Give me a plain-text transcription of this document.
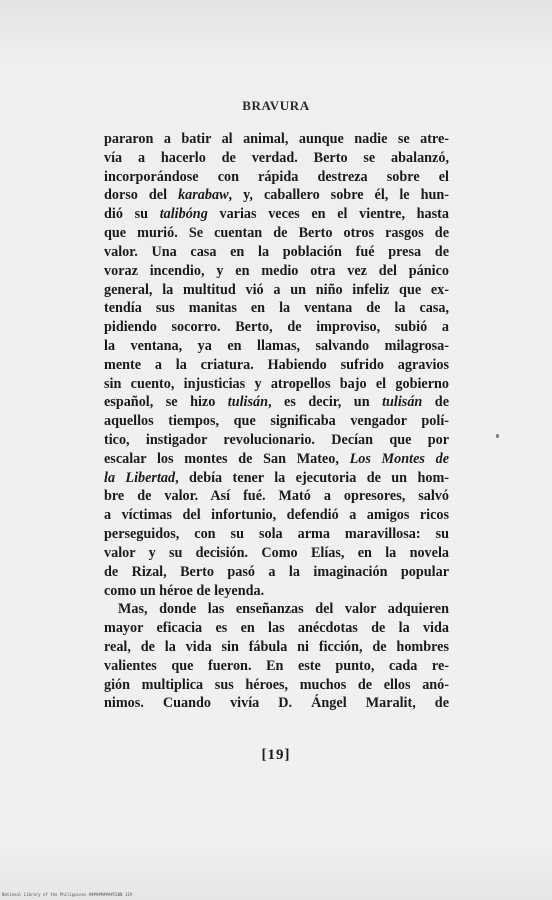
BRAVURA
pararon a batir al animal, aunque nadie se atre-
vía a hacerlo de verdad. Berto se abalanzó,
incorporándose con rápida destreza sobre el
dorso del karabaw, y, caballero sobre él, le hun-
dió su talibóng varias veces en el vientre, hasta
que murió. Se cuentan de Berto otros rasgos de
valor. Una casa en la población fué presa de
voraz incendio, y en medio otra vez del pánico
general, la multitud vió a un niño infeliz que ex-
tendía sus manitas en la ventana de la casa,
pidiendo socorro. Berto, de improviso, subió a
la ventana, ya en llamas, salvando milagrosa-
mente a la criatura. Habiendo sufrido agravios
sin cuento, injusticias y atropellos bajo el gobierno
español, se hizo tulisán, es decir, un tulisán de
aquellos tiempos, que significaba vengador polí-
tico, instigador revolucionario. Decían que por
escalar los montes de San Mateo, Los Montes de
la Libertad, debía tener la ejecutoria de un hom-
bre de valor. Así fué. Mató a opresores, salvó
a víctimas del infortunio, defendió a amigos ricos
perseguidos, con su sola arma maravillosa: su
valor y su decisión. Como Elías, en la novela
de Rizal, Berto pasó a la imaginación popular
como un héroe de leyenda.
Mas, donde las enseñanzas del valor adquieren
mayor eficacia es en las anécdotas de la vida
real, de la vida sin fábula ni ficción, de hombres
valientes que fueron. En este punto, cada re-
gión multiplica sus héroes, muchos de ellos anó-
nimos. Cuando vivía D. Ángel Maralit, de
[19]
National Library of the Philippines ##########ISBN 119
